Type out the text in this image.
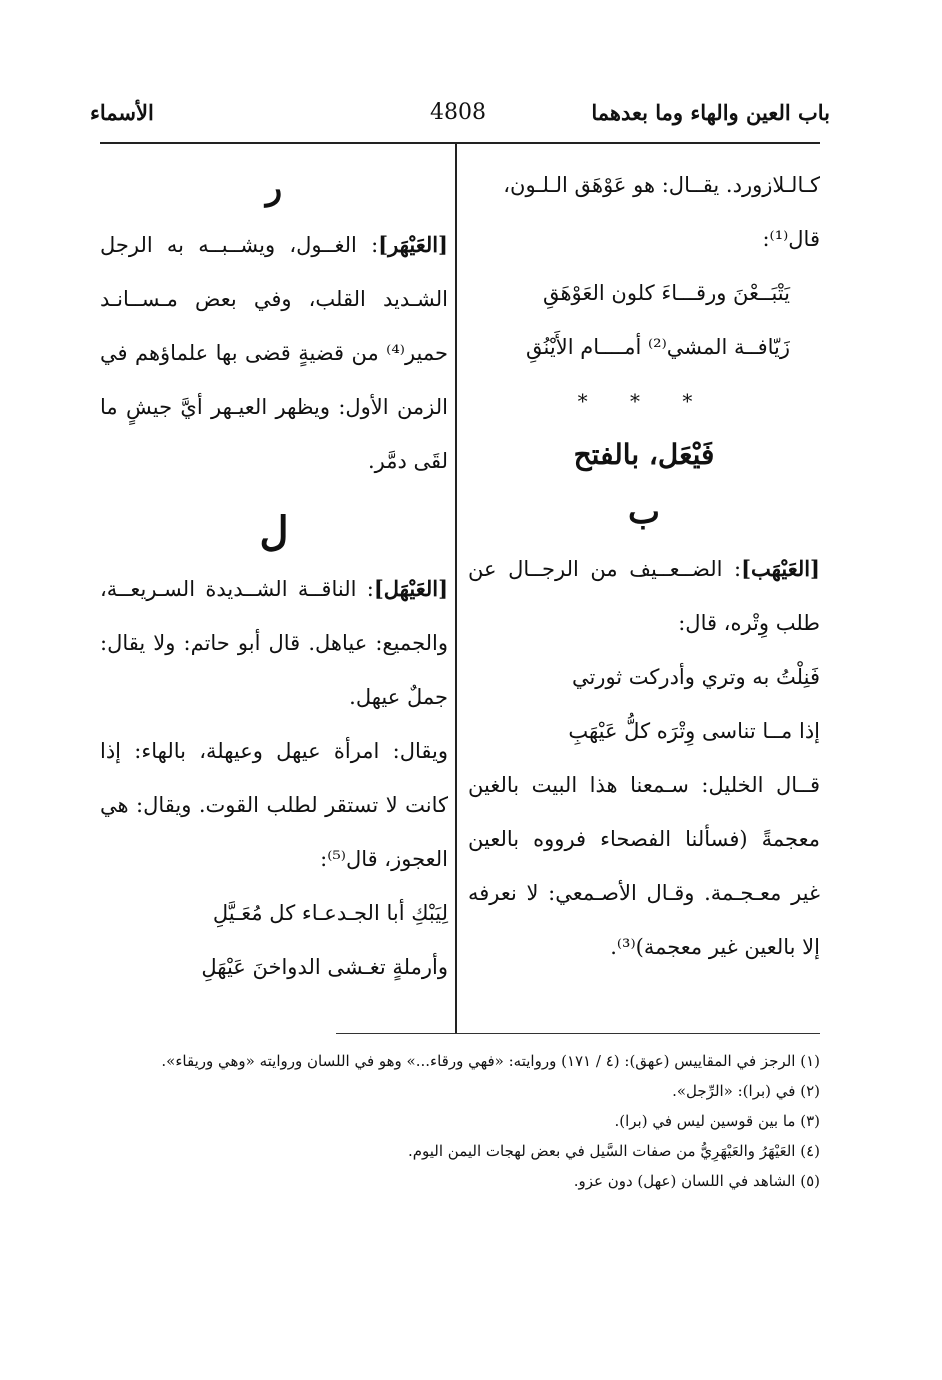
باب العين والهاء وما بعدهما
4808
الأسماء

كـالـلازورد. يقــال: هو عَوْهَق الـلـون،

قال⁽¹⁾:

يَتْبَــعْنَ ورقـــاءَ كلون العَوْهَقِ

زَيّافــة المشي⁽²⁾ أمــــام الأَيْنُقِ

* * *

فَيْعَل، بالفتح

ب

[العَيْهَب]: الضــعــيف من الرجــال عن طلب وِتْره، قال:

فَنِلْتُ به وتري وأدركت ثورتي

إذا مــا تناسى وِتْرَه كلُّ عَيْهَبِ

قــال الخليل: سـمعنا هذا البيت بالغين معجمةً (فسألنا الفصحاء فرووه بالعين غير معـجـمة. وقـال الأصـمعي: لا نعرفه إلا بالعين غير معجمة)⁽³⁾.

ر

[العَيْهَر]: الغــول، ويشــبــه به الرجل الشـديد القلب، وفي بعض مـســانـد حمير⁽⁴⁾ من قضيةٍ قضى بها علماؤهم في الزمن الأول: ويظهر العيـهر أيَّ جيشٍ ما لقَى دمَّر.

ل

[العَيْهَل]: الناقــة الشــديدة السـريعــة، والجميع: عياهل. قال أبو حاتم: ولا يقال: جملٌ عيهل.

ويقال: امرأة عيهل وعيهلة، بالهاء: إذا كانت لا تستقر لطلب القوت. ويقال: هي العجوز، قال⁽⁵⁾:

لِيَبْكِ أبا الجـدعـاء كل مُعَـيَّلِ

وأرملةٍ تغـشى الدواخنَ عَيْهَلِ

(١) الرجز في المقاييس (عهق): (٤ / ١٧١) وروايته: «فهي ورقاء...» وهو في اللسان وروايته «وهي وريقاء».
(٢) في (برا): «الرِّجل».
(٣) ما بين قوسين ليس في (برا).
(٤) العَيْهَرُ والعَيْهَرِيُّ من صفات السَّيل في بعض لهجات اليمن اليوم.
(٥) الشاهد في اللسان (عهل) دون عزو.
